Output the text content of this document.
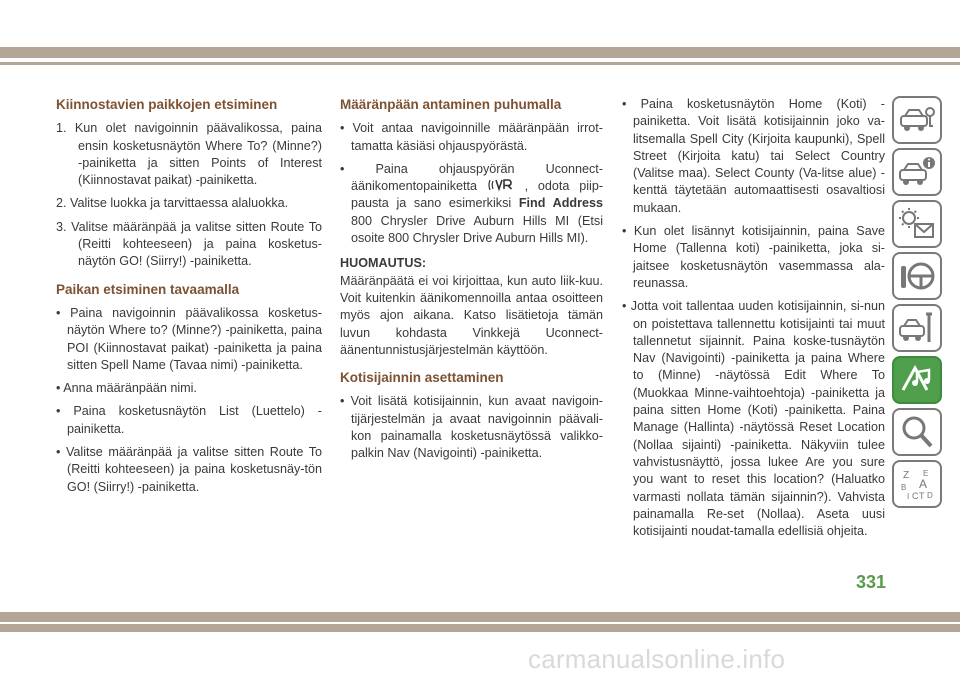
Kiinnostavien paikkojen etsiminen
1. Kun olet navigoinnin päävalikossa, paina ensin kosketusnäytön Where To? (Minne?) -painiketta ja sitten Points of Interest (Kiinnostavat paikat) -painiketta.
2. Valitse luokka ja tarvittaessa alaluokka.
3. Valitse määränpää ja valitse sitten Route To (Reitti kohteeseen) ja paina kosketus-näytön GO! (Siirry!) -painiketta.
Paikan etsiminen tavaamalla
• Paina navigoinnin päävalikossa kosketus-näytön Where to? (Minne?) -painiketta, paina POI (Kiinnostavat paikat) -painiketta ja paina sitten Spell Name (Tavaa nimi) -painiketta.
• Anna määränpään nimi.
• Paina kosketusnäytön List (Luettelo) -painiketta.
• Valitse määränpää ja valitse sitten Route To (Reitti kohteeseen) ja paina kosketusnäy-tön GO! (Siirry!) -painiketta.
Määränpään antaminen puhumalla
• Voit antaa navigoinnille määränpään irrot-tamatta käsiäsi ohjauspyörästä.
• Paina ohjauspyörän Uconnect-äänikomentopainiketta	, odota piip-pausta ja sano esimerkiksi Find Address 800 Chrysler Drive Auburn Hills MI (Etsi osoite 800 Chrysler Drive Auburn Hills MI).
HUOMAUTUS:
Määränpäätä ei voi kirjoittaa, kun auto liik-kuu. Voit kuitenkin äänikomennoilla antaa osoitteen myös ajon aikana. Katso lisätietoja tämän luvun kohdasta Vinkkejä Uconnect-äänentunnistusjärjestelmän käyttöön.
Kotisijainnin asettaminen
• Voit lisätä kotisijainnin, kun avaat navigoin-tijärjestelmän ja avaat navigoinnin päävali-kon painamalla kosketusnäytössä valikko-palkin Nav (Navigointi) -painiketta.
• Paina kosketusnäytön Home (Koti) -painiketta. Voit lisätä kotisijainnin joko va-litsemalla Spell City (Kirjoita kaupunki), Spell Street (Kirjoita katu) tai Select Country (Valitse maa). Select County (Va-litse alue) -kenttä täytetään automaattisesti osavaltiosi mukaan.
• Kun olet lisännyt kotisijainnin, paina Save Home (Tallenna koti) -painiketta, joka si-jaitsee kosketusnäytön vasemmassa ala-reunassa.
• Jotta voit tallentaa uuden kotisijainnin, si-nun on poistettava tallennettu kotisijainti tai muut tallennetut sijainnit. Paina koske-tusnäytön Nav (Navigointi) -painiketta ja paina Where to (Minne) -näytössä Edit Where To (Muokkaa Minne-vaihtoehtoja) -painiketta ja paina sitten Home (Koti) -painiketta. Paina Manage (Hallinta) -näytössä Reset Location (Nollaa sijainti) -painiketta. Näkyviin tulee vahvistusnäyttö, jossa lukee Are you sure you want to reset this location? (Haluatko varmasti nollata tämän sijainnin?). Vahvista painamalla Re-set (Nollaa). Aseta uusi kotisijainti noudat-tamalla edellisiä ohjeita.
Z E
B A
I C T D
331
carmanualsonline.info
